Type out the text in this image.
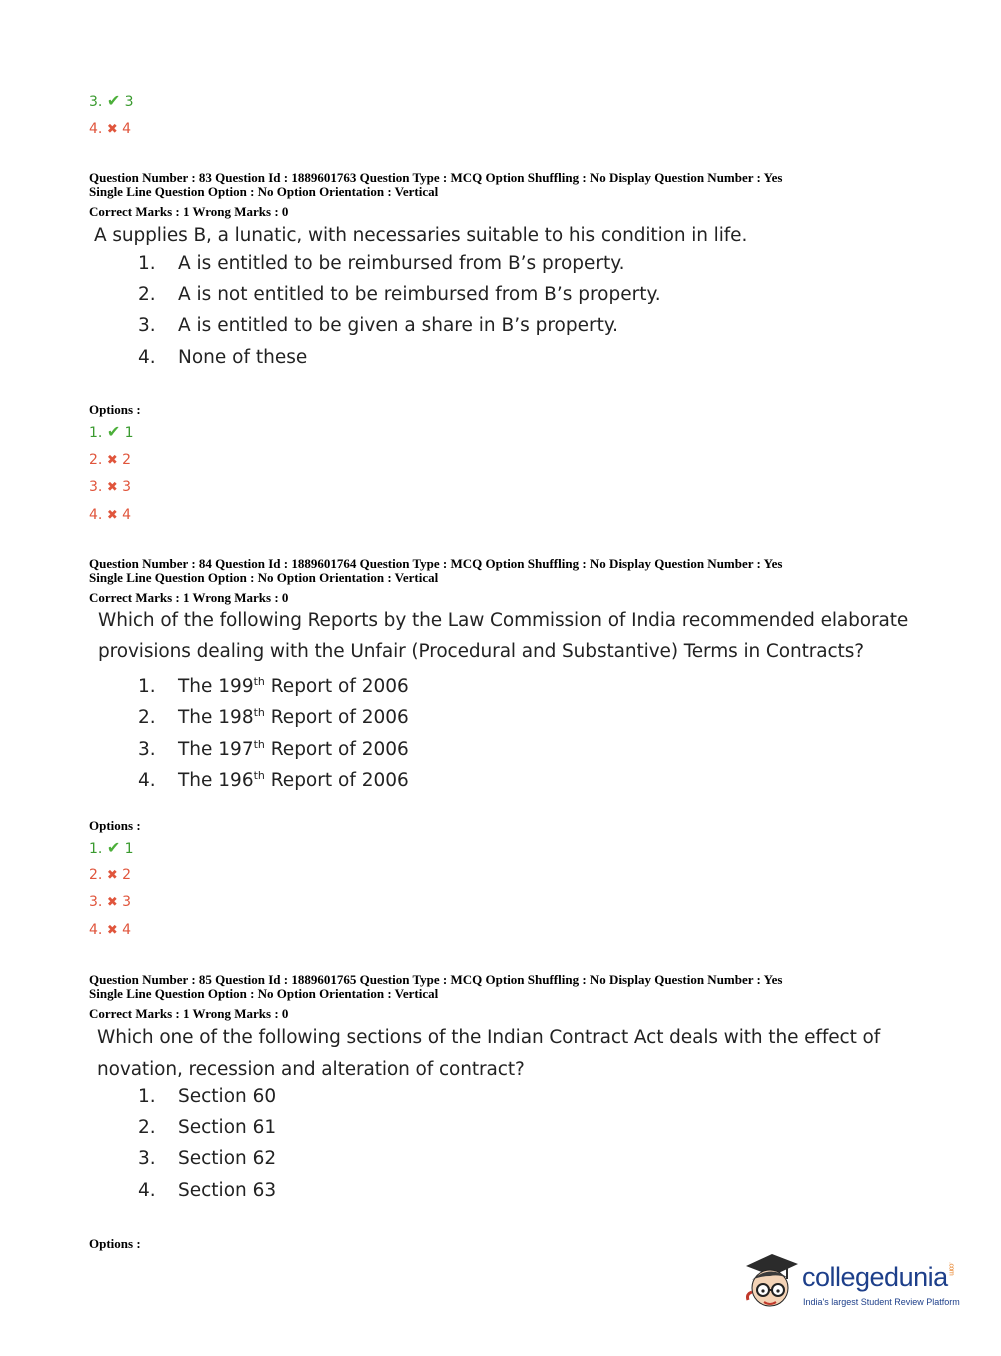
3. ✔ 3
4. ✖ 4
Question Number : 83 Question Id : 1889601763 Question Type : MCQ Option Shuffling : No Display Question Number : Yes
Single Line Question Option : No Option Orientation : Vertical
Correct Marks : 1 Wrong Marks : 0
A supplies B, a lunatic, with necessaries suitable to his condition in life.
1. A is entitled to be reimbursed from B’s property.
2. A is not entitled to be reimbursed from B’s property.
3. A is entitled to be given a share in B’s property.
4. None of these
Options :
1. ✔ 1
2. ✖ 2
3. ✖ 3
4. ✖ 4
Question Number : 84 Question Id : 1889601764 Question Type : MCQ Option Shuffling : No Display Question Number : Yes
Single Line Question Option : No Option Orientation : Vertical
Correct Marks : 1 Wrong Marks : 0
Which of the following Reports by the Law Commission of India recommended elaborate
provisions dealing with the Unfair (Procedural and Substantive) Terms in Contracts?
1. The 199th Report of 2006
2. The 198th Report of 2006
3. The 197th Report of 2006
4. The 196th Report of 2006
Options :
1. ✔ 1
2. ✖ 2
3. ✖ 3
4. ✖ 4
Question Number : 85 Question Id : 1889601765 Question Type : MCQ Option Shuffling : No Display Question Number : Yes
Single Line Question Option : No Option Orientation : Vertical
Correct Marks : 1 Wrong Marks : 0
Which one of the following sections of the Indian Contract Act deals with the effect of
novation, recession and alteration of contract?
1. Section 60
2. Section 61
3. Section 62
4. Section 63
Options :
collegedunia.com
India's largest Student Review Platform
